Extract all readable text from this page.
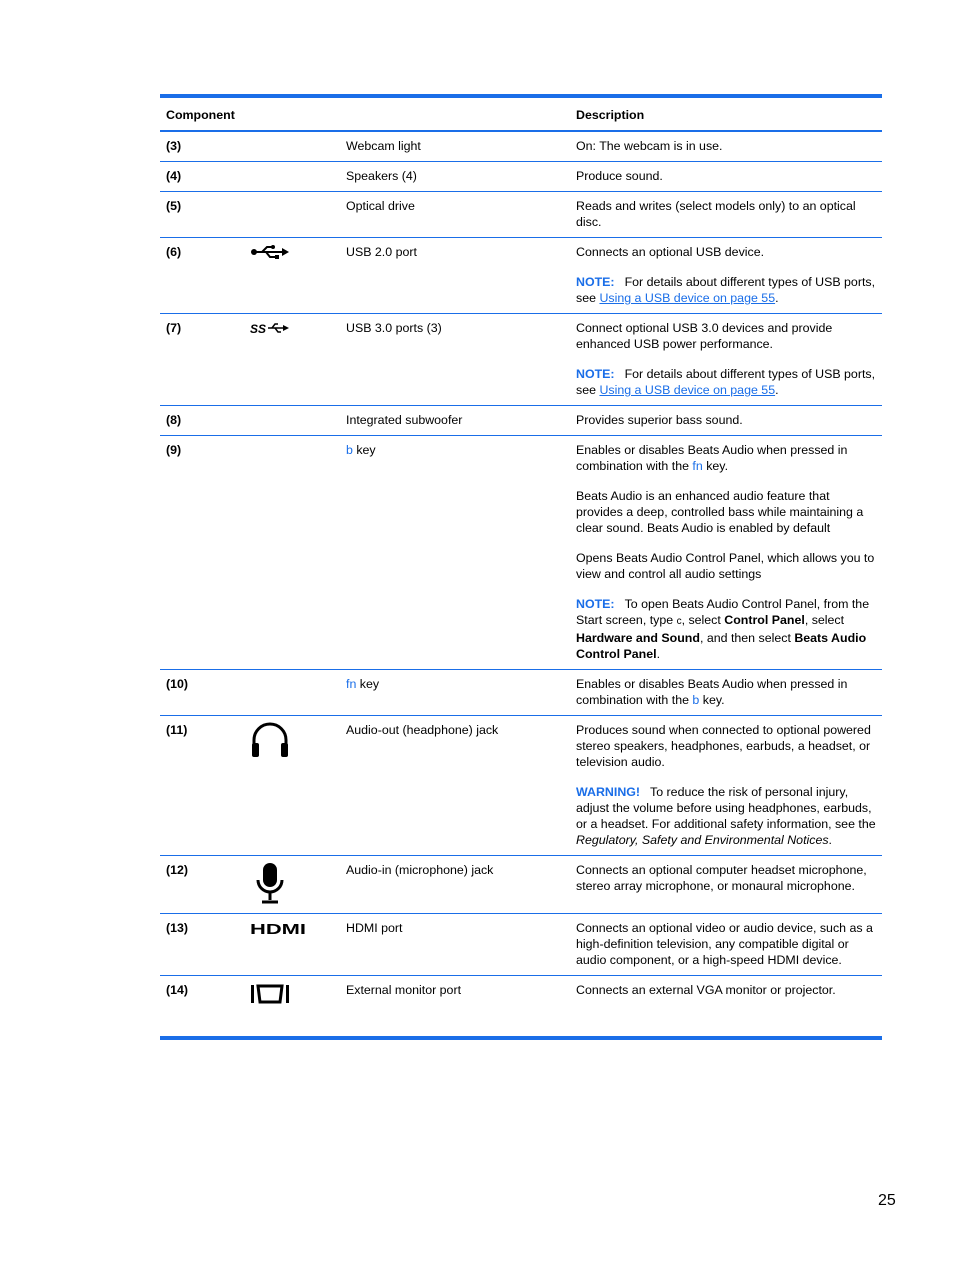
Component			Description
(3)		Webcam light	On: The webcam is in use.
(4)		Speakers (4)	Produce sound.
(5)		Optical drive	Reads and writes (select models only) to an optical disc.
(6)		USB 2.0 port	Connects an optional USB device.

NOTE: For details about different types of USB ports, see Using a USB device on page 55.

(7)	SS	USB 3.0 ports (3)	Connect optional USB 3.0 devices and provide enhanced USB power performance.

NOTE: For details about different types of USB ports, see Using a USB device on page 55.

(8)		Integrated subwoofer	Provides superior bass sound.
(9)		b key	Enables or disables Beats Audio when pressed in combination with the fn key.

Beats Audio is an enhanced audio feature that provides a deep, controlled bass while maintaining a clear sound. Beats Audio is enabled by default

Opens Beats Audio Control Panel, which allows you to view and control all audio settings

NOTE: To open Beats Audio Control Panel, from the Start screen, type c, select Control Panel, select Hardware and Sound, and then select Beats Audio Control Panel.

(10)		fn key	Enables or disables Beats Audio when pressed in combination with the b key.

(11)		Audio-out (headphone) jack	Produces sound when connected to optional powered stereo speakers, headphones, earbuds, a headset, or television audio.

WARNING! To reduce the risk of personal injury, adjust the volume before using headphones, earbuds, or a headset. For additional safety information, see the Regulatory, Safety and Environmental Notices.

(12)		Audio-in (microphone) jack	Connects an optional computer headset microphone, stereo array microphone, or monaural microphone.
(13)	HDMI	HDMI port	Connects an optional video or audio device, such as a high-definition television, any compatible digital or audio component, or a high-speed HDMI device.
(14)		External monitor port	Connects an external VGA monitor or projector.
25
